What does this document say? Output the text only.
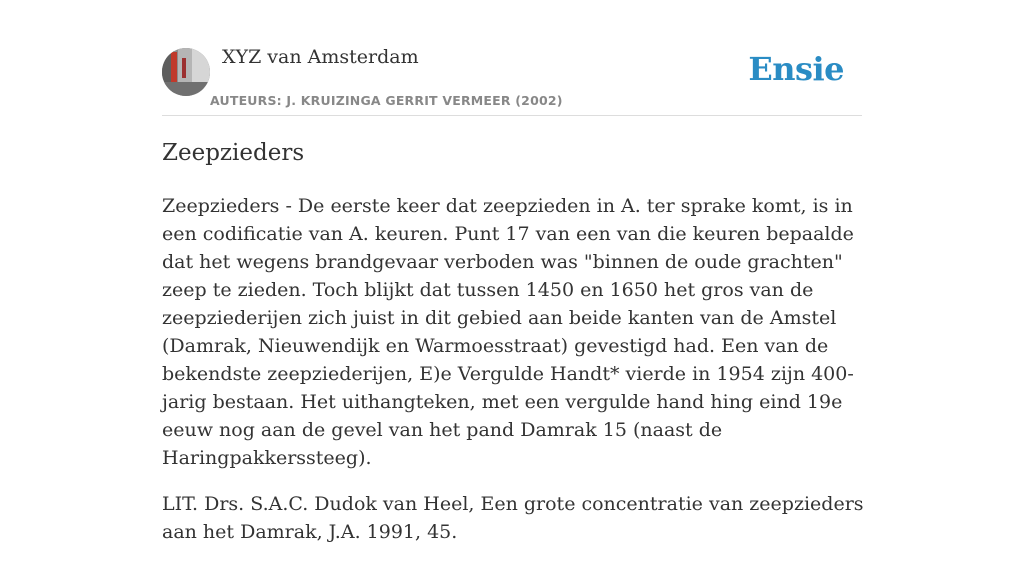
XYZ van Amsterdam
AUTEURS: J. KRUIZINGA GERRIT VERMEER (2002)
Ensie
Zeepzieders

Zeepzieders - De eerste keer dat zeepzieden in A. ter sprake komt, is in een codificatie van A. keuren. Punt 17 van een van die keuren bepaalde dat het wegens brandgevaar verboden was "binnen de oude grachten" zeep te zieden. Toch blijkt dat tussen 1450 en 1650 het gros van de zeepziederijen zich juist in dit gebied aan beide kanten van de Amstel (Damrak, Nieuwendijk en Warmoesstraat) gevestigd had. Een van de bekendste zeepziederijen, E)e Vergulde Handt* vierde in 1954 zijn 400-jarig bestaan. Het uithangteken, met een vergulde hand hing eind 19e eeuw nog aan de gevel van het pand Damrak 15 (naast de Haringpakkerssteeg).

LIT. Drs. S.A.C. Dudok van Heel, Een grote concentratie van zeepzieders aan het Damrak, J.A. 1991, 45.
